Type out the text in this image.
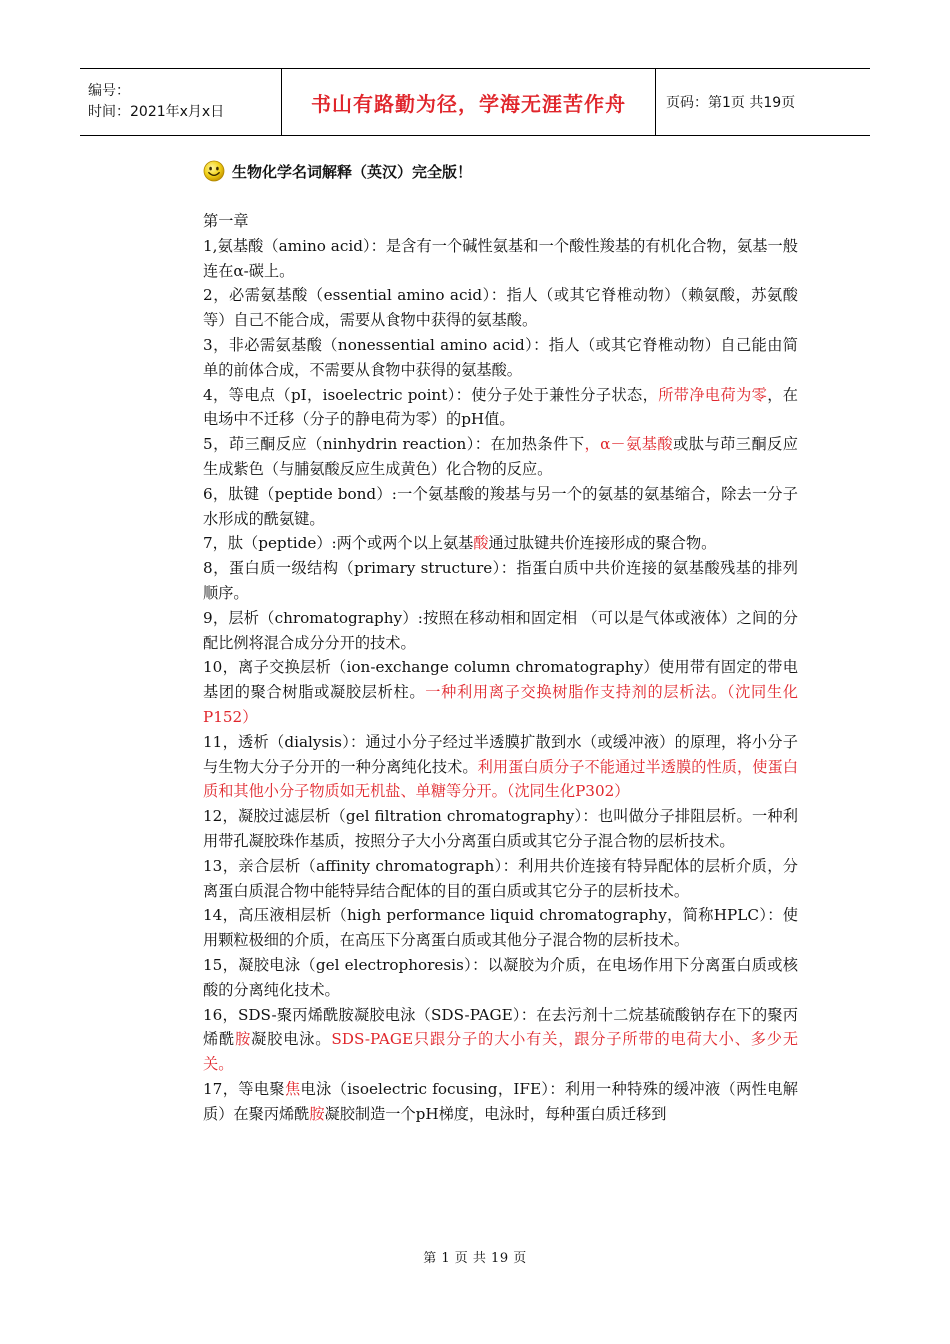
编号：
时间：2021年x月x日	书山有路勤为径，学海无涯苦作舟	页码：第1页 共19页
生物化学名词解释（英汉）完全版！

第一章

1,氨基酸（amino acid）：是含有一个碱性氨基和一个酸性羧基的有机化合物，氨基一般连在α-碳上。

2，必需氨基酸（essential amino acid）：指人（或其它脊椎动物）（赖氨酸，苏氨酸等）自己不能合成，需要从食物中获得的氨基酸。

3，非必需氨基酸（nonessential amino acid）：指人（或其它脊椎动物）自己能由简单的前体合成，不需要从食物中获得的氨基酸。

4，等电点（pI，isoelectric point）：使分子处于兼性分子状态，所带净电荷为零，在电场中不迁移（分子的静电荷为零）的pH值。

5，茚三酮反应（ninhydrin reaction）：在加热条件下，α－氨基酸或肽与茚三酮反应生成紫色（与脯氨酸反应生成黄色）化合物的反应。

6，肽键（peptide bond）:一个氨基酸的羧基与另一个的氨基的氨基缩合，除去一分子水形成的酰氨键。

7，肽（peptide）:两个或两个以上氨基酸通过肽键共价连接形成的聚合物。

8，蛋白质一级结构（primary structure）：指蛋白质中共价连接的氨基酸残基的排列顺序。

9，层析（chromatography）:按照在移动相和固定相 （可以是气体或液体）之间的分配比例将混合成分分开的技术。

10，离子交换层析（ion-exchange column chromatography）使用带有固定的带电基团的聚合树脂或凝胶层析柱。一种利用离子交换树脂作支持剂的层析法。（沈同生化P152）

11，透析（dialysis）：通过小分子经过半透膜扩散到水（或缓冲液）的原理，将小分子与生物大分子分开的一种分离纯化技术。利用蛋白质分子不能通过半透膜的性质，使蛋白质和其他小分子物质如无机盐、单糖等分开。（沈同生化P302）

12，凝胶过滤层析（gel filtration chromatography）：也叫做分子排阻层析。一种利用带孔凝胶珠作基质，按照分子大小分离蛋白质或其它分子混合物的层析技术。

13，亲合层析（affinity chromatograph）：利用共价连接有特异配体的层析介质，分离蛋白质混合物中能特异结合配体的目的蛋白质或其它分子的层析技术。

14，高压液相层析（high performance liquid chromatography，简称HPLC）：使用颗粒极细的介质，在高压下分离蛋白质或其他分子混合物的层析技术。

15，凝胶电泳（gel electrophoresis）：以凝胶为介质，在电场作用下分离蛋白质或核酸的分离纯化技术。

16，SDS-聚丙烯酰胺凝胶电泳（SDS-PAGE）：在去污剂十二烷基硫酸钠存在下的聚丙烯酰胺凝胶电泳。SDS-PAGE只跟分子的大小有关，跟分子所带的电荷大小、多少无关。

17，等电聚焦电泳（isoelectric focusing，IFE）：利用一种特殊的缓冲液（两性电解质）在聚丙烯酰胺凝胶制造一个pH梯度，电泳时，每种蛋白质迁移到

第 1 页 共 19 页
